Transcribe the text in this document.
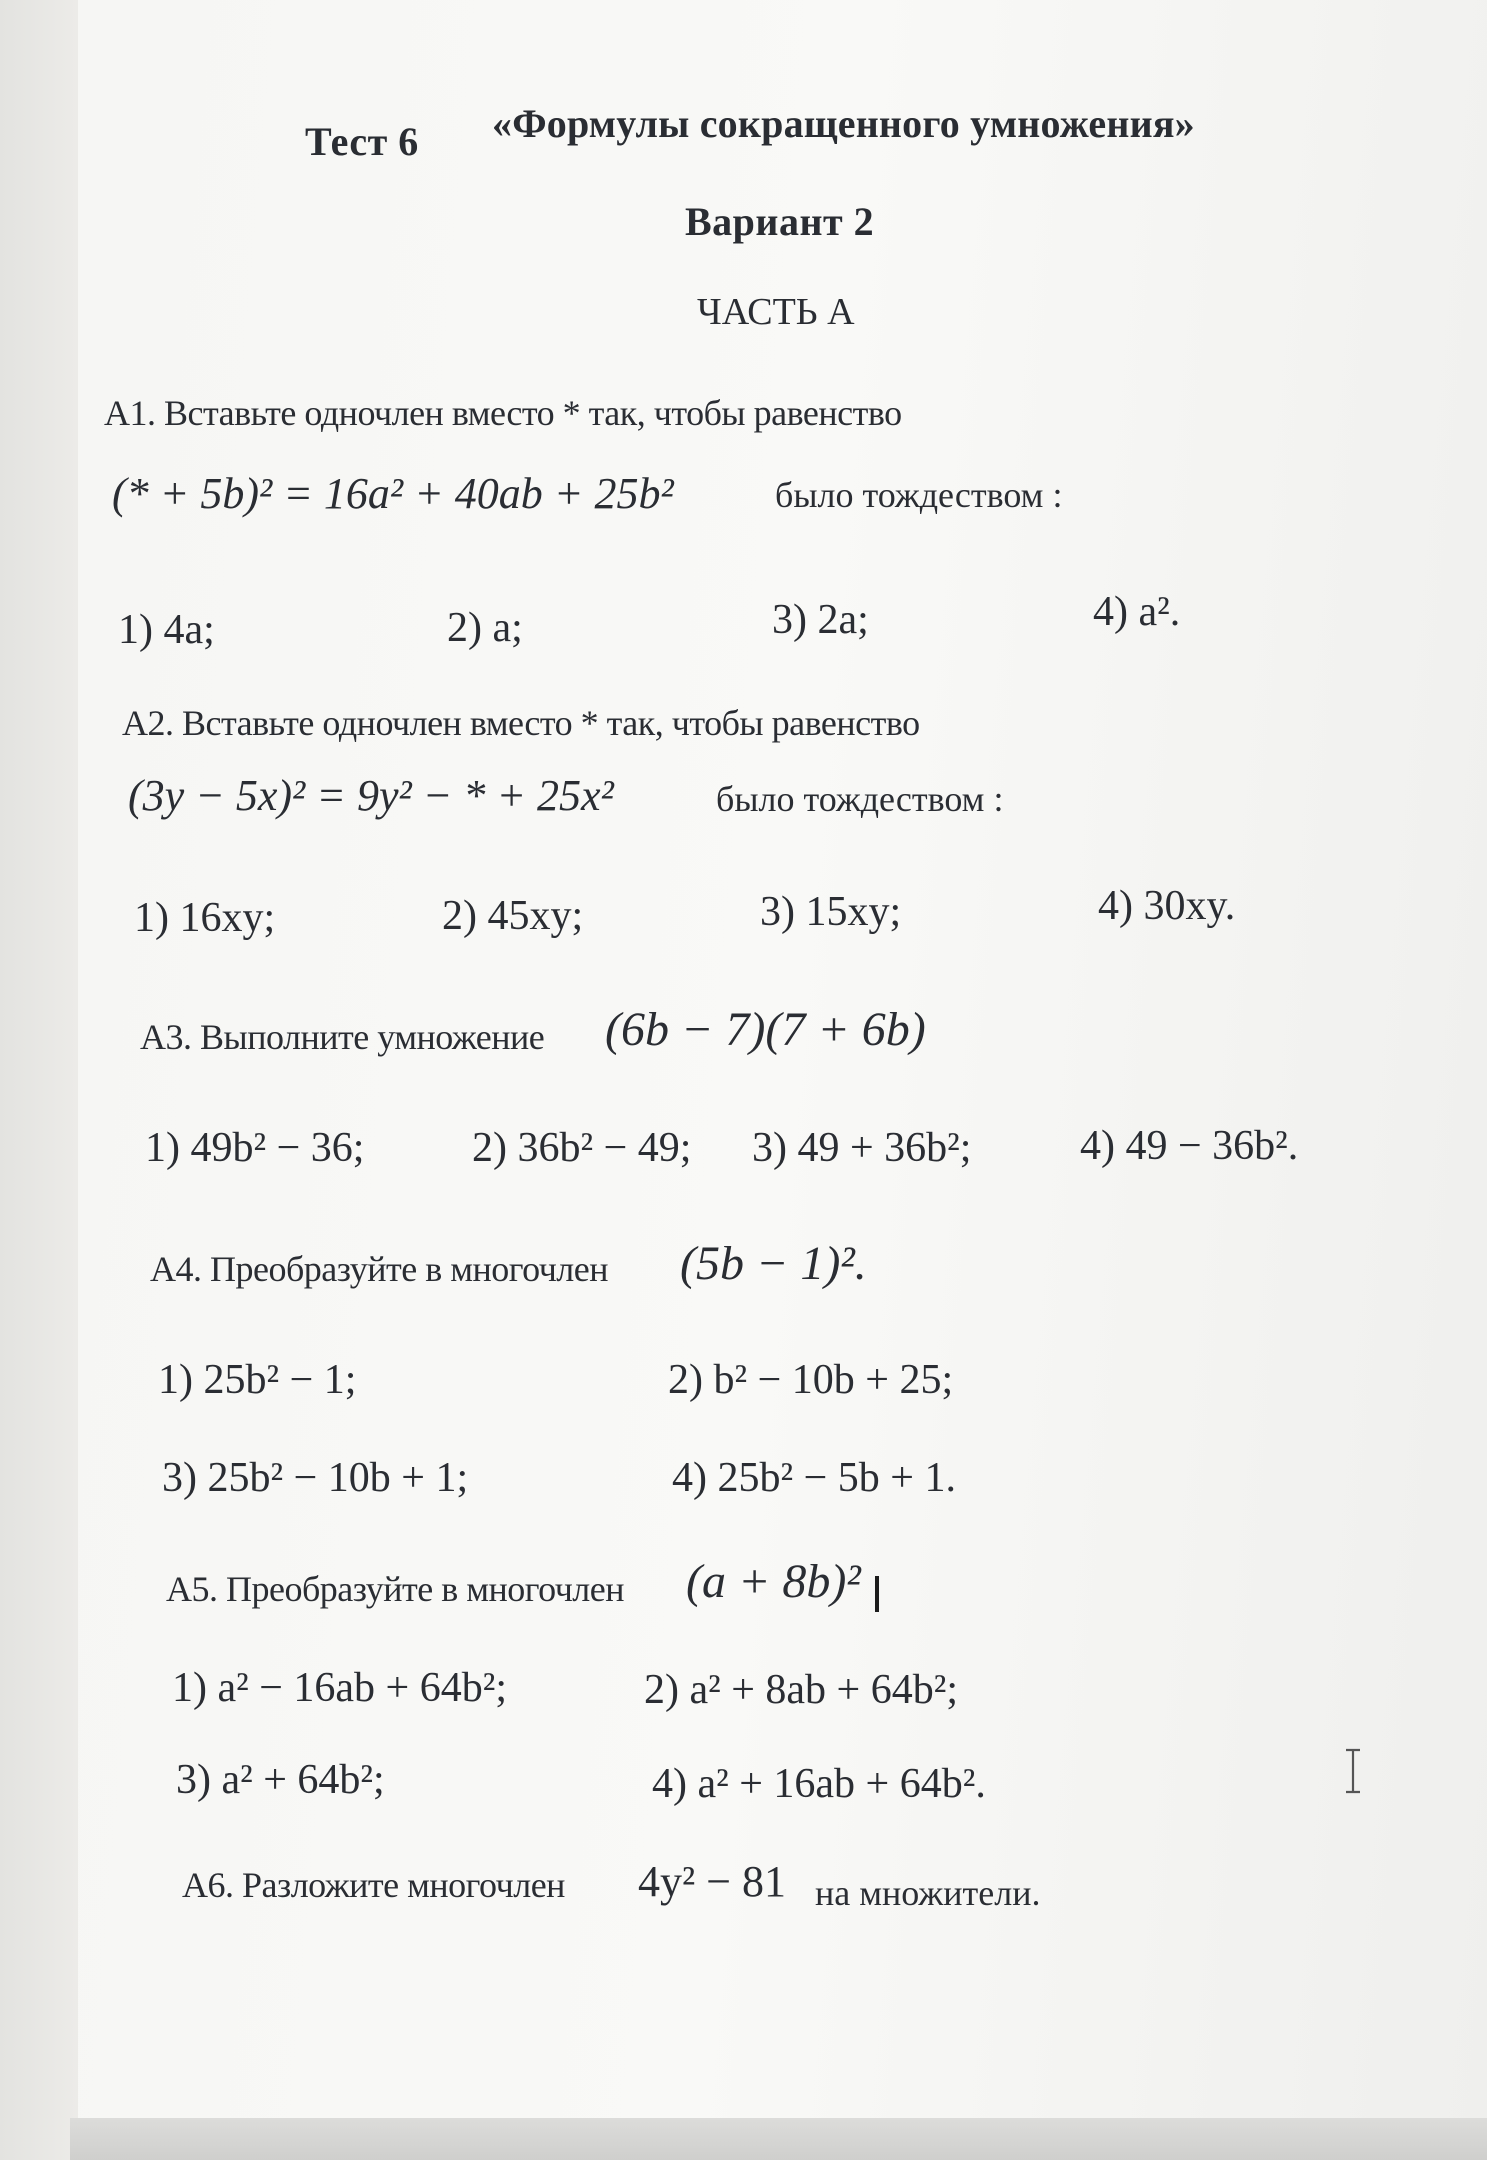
Тест 6 «Формулы сокращенного умножения»
Вариант 2
ЧАСТЬ А
А1. Вставьте одночлен вместо * так, чтобы равенство
(* + 5b)² = 16a² + 40ab + 25b²	было тождеством :
1) 4a;	2) a;	3) 2a;	4) a².
А2. Вставьте одночлен вместо * так, чтобы равенство
(3y − 5x)² = 9y² − * + 25x²	было тождеством :
1) 16xy;	2) 45xy;	3) 15xy;	4) 30xy.
А3. Выполните умножение (6b − 7)(7 + 6b)
1) 49b² − 36;	2) 36b² − 49; 3) 49 + 36b²;	4) 49 − 36b².
А4. Преобразуйте в многочлен (5b − 1)².
1) 25b² − 1;	2) b² − 10b + 25;
3) 25b² − 10b + 1;	4) 25b² − 5b + 1.
А5. Преобразуйте в многочлен (a + 8b)²
1) a² − 16ab + 64b²;	2) a² + 8ab + 64b²;
3) a² + 64b²;	4) a² + 16ab + 64b².
А6. Разложите многочлен 4y² − 81 на множители.
